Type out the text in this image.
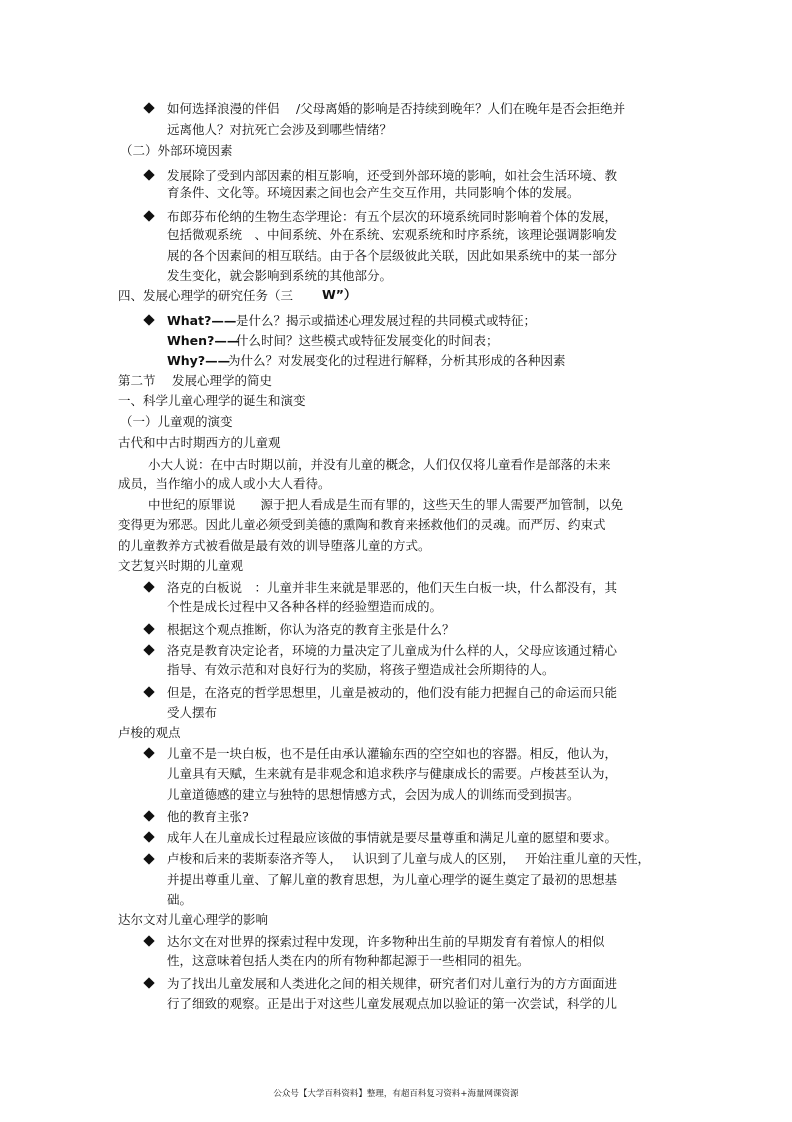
如何选择浪漫的伴侣　 /父母离婚的影响是否持续到晚年？人们在晚年是否会拒绝并
远离他人？对抗死亡会涉及到哪些情绪？
（二）外部环境因素
发展除了受到内部因素的相互影响，还受到外部环境的影响，如社会生活环境、教
育条件、文化等。环境因素之间也会产生交互作用，共同影响个体的发展。
布郎芬布伦纳的生物生态学理论：有五个层次的环境系统同时影响着个体的发展，
包括微观系统　、中间系统、外在系统、宏观系统和时序系统，该理论强调影响发
展的各个因素间的相互联结。由于各个层级彼此关联，因此如果系统中的某一部分
发生变化，就会影响到系统的其他部分。
四、发展心理学的研究任务（三　　 W”）
What?—— 是什么？揭示或描述心理发展过程的共同模式或特征；
When?——
什么时间？这些模式或特征发展变化的时间表；
Why?——
为什么？对发展变化的过程进行解释，分析其形成的各种因素
第二节　 发展心理学的简史
一、科学儿童心理学的诞生和演变
（一）儿童观的演变
古代和中古时期西方的儿童观
小大人说：在中古时期以前，并没有儿童的概念，人们仅仅将儿童看作是部落的未来
成员，当作缩小的成人或小大人看待。
中世纪的原罪说　　源于把人看成是生而有罪的，这些天生的罪人需要严加管制，以免
变得更为邪恶。因此儿童必须受到美德的熏陶和教育来拯救他们的灵魂。而严厉、约束式
的儿童教养方式被看做是最有效的训导堕落儿童的方式。
文艺复兴时期的儿童观
洛克的白板说　：儿童并非生来就是罪恶的，他们天生白板一块，什么都没有，其
个性是成长过程中又各种各样的经验塑造而成的。
根据这个观点推断，你认为洛克的教育主张是什么？
洛克是教育决定论者，环境的力量决定了儿童成为什么样的人，父母应该通过精心
指导、有效示范和对良好行为的奖励，将孩子塑造成社会所期待的人。
但是，在洛克的哲学思想里，儿童是被动的，他们没有能力把握自己的命运而只能
受人摆布
卢梭的观点
儿童不是一块白板，也不是任由承认灌输东西的空空如也的容器。相反，他认为，
儿童具有天赋，生来就有是非观念和追求秩序与健康成长的需要。卢梭甚至认为，
儿童道德感的建立与独特的思想情感方式，会因为成人的训练而受到损害。
他的教育主张?
成年人在儿童成长过程最应该做的事情就是要尽量尊重和满足儿童的愿望和要求。
卢梭和后来的裴斯泰洛齐等人，　 认识到了儿童与成人的区别，　 开始注重儿童的天性，
并提出尊重儿童、了解儿童的教育思想，为儿童心理学的诞生奠定了最初的思想基
础。
达尔文对儿童心理学的影响
达尔文在对世界的探索过程中发现，许多物种出生前的早期发育有着惊人的相似
性，这意味着包括人类在内的所有物种都起源于一些相同的祖先。
为了找出儿童发展和人类进化之间的相关规律，研究者们对儿童行为的方方面面进
行了细致的观察。正是出于对这些儿童发展观点加以验证的第一次尝试，科学的儿
公众号【大学百科资料】整理，有超百科复习资料+海量网课资源
